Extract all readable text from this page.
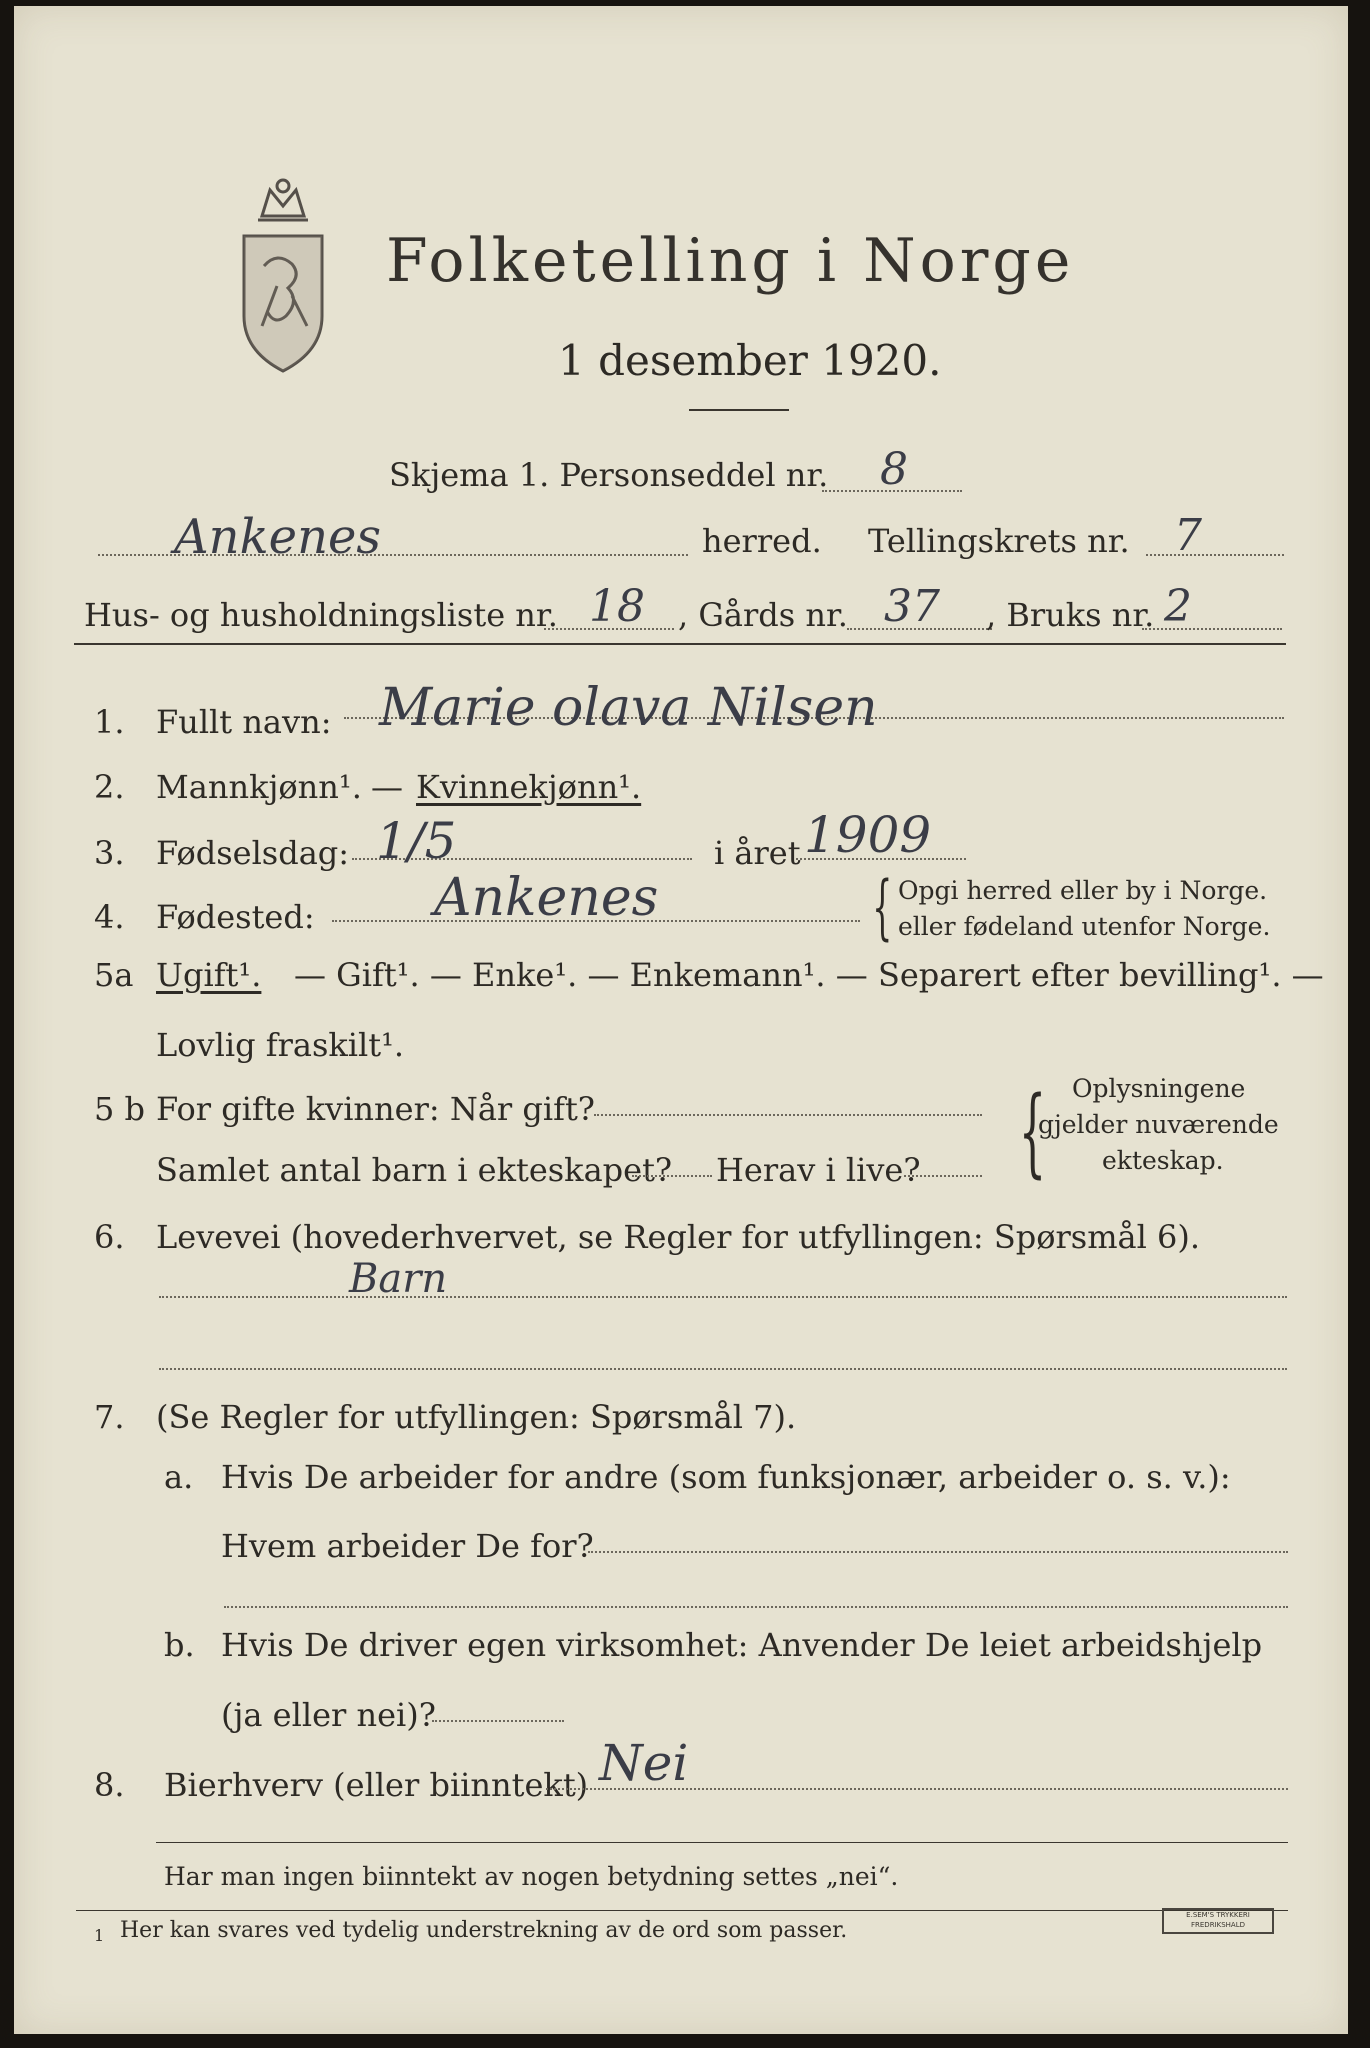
Folketelling i Norge
1 desember 1920.
Skjema 1. Personseddel nr. 8
Ankenes	herred. Tellingskrets nr. 7
Hus- og husholdningsliste nr. 18 , Gårds nr. 37 , Bruks nr. 2
1. Fullt navn: Marie olava Nilsen
2. Mannkjønn¹. — Kvinnekjønn¹.
3. Fødselsdag: 1/5	i året 1909
4. Fødested: Ankenes	{ Opgi herred eller by i Norge.
eller fødeland utenfor Norge.
5a Ugift¹. — Gift¹. — Enke¹. — Enkemann¹. — Separert efter bevilling¹. —
Lovlig fraskilt¹.
5 b For gifte kvinner: Når gift?
Samlet antal barn i ekteskapet? Herav i live? { Oplysningene
gjelder nuværende
ekteskap.
6. Levevei (hovederhvervet, se Regler for utfyllingen: Spørsmål 6).
Barn
7. (Se Regler for utfyllingen: Spørsmål 7).
a. Hvis De arbeider for andre (som funksjonær, arbeider o. s. v.):
Hvem arbeider De for?
b. Hvis De driver egen virksomhet: Anvender De leiet arbeidshjelp
(ja eller nei)?
8. Bierhverv (eller biinntekt) Nei
Har man ingen biinntekt av nogen betydning settes „nei“.
1 Her kan svares ved tydelig understrekning av de ord som passer.
E.SEM'S TRYKKERI FREDRIKSHALD
